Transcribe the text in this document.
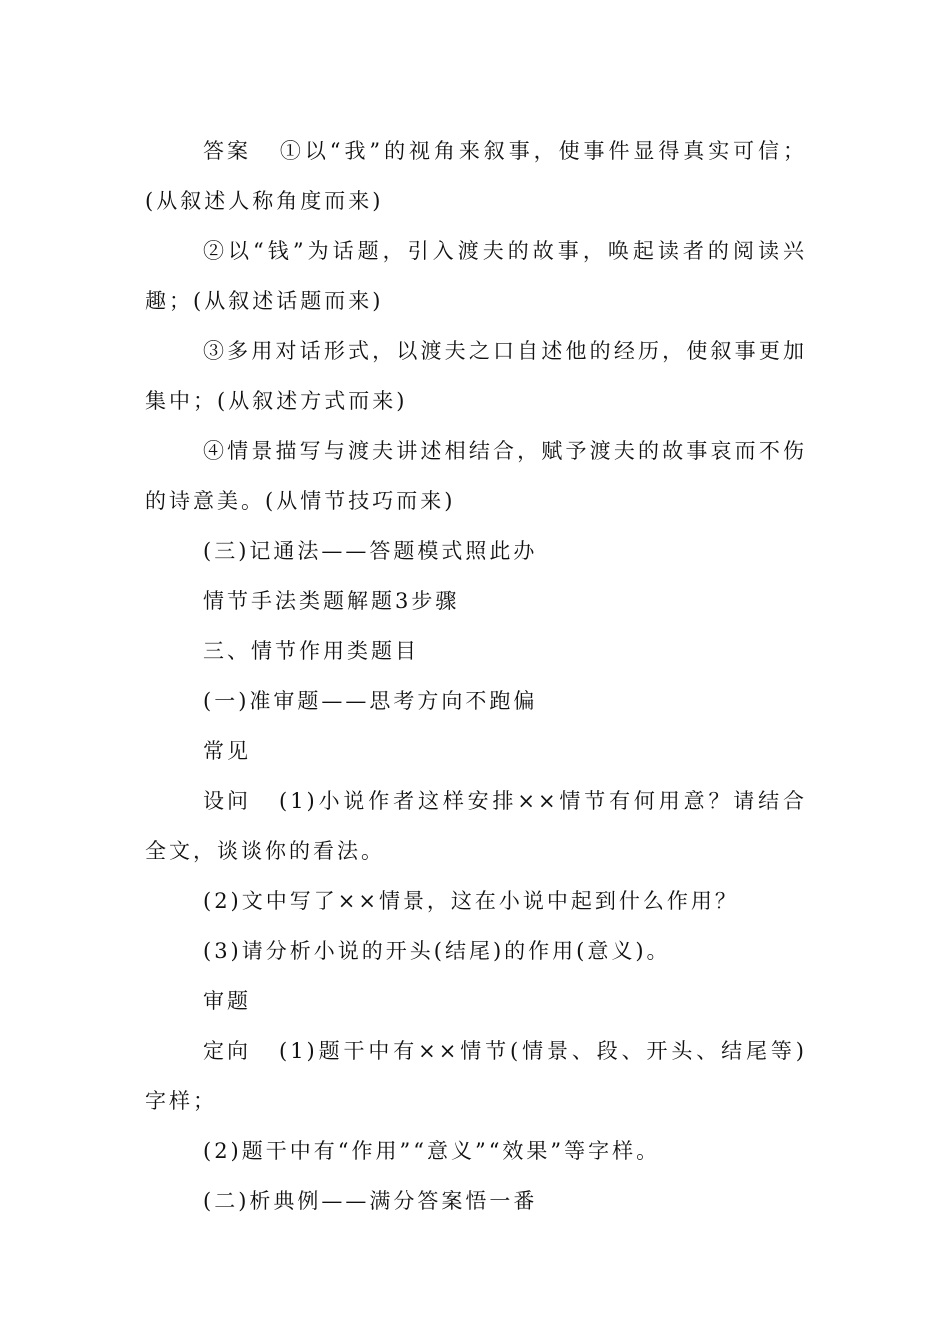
答案 ①以“我”的视角来叙事，使事件显得真实可信；(从叙述人称角度而来)

②以“钱”为话题，引入渡夫的故事，唤起读者的阅读兴趣；(从叙述话题而来)

③多用对话形式，以渡夫之口自述他的经历，使叙事更加集中；(从叙述方式而来)

④情景描写与渡夫讲述相结合，赋予渡夫的故事哀而不伤的诗意美。(从情节技巧而来)

(三)记通法——答题模式照此办

情节手法类题解题3步骤

三、情节作用类题目

(一)准审题——思考方向不跑偏

常见

设问 (1)小说作者这样安排××情节有何用意？请结合全文，谈谈你的看法。

(2)文中写了××情景，这在小说中起到什么作用？

(3)请分析小说的开头(结尾)的作用(意义)。

审题

定向 (1)题干中有××情节(情景、段、开头、结尾等)字样；

(2)题干中有“作用”“意义”“效果”等字样。

(二)析典例——满分答案悟一番
